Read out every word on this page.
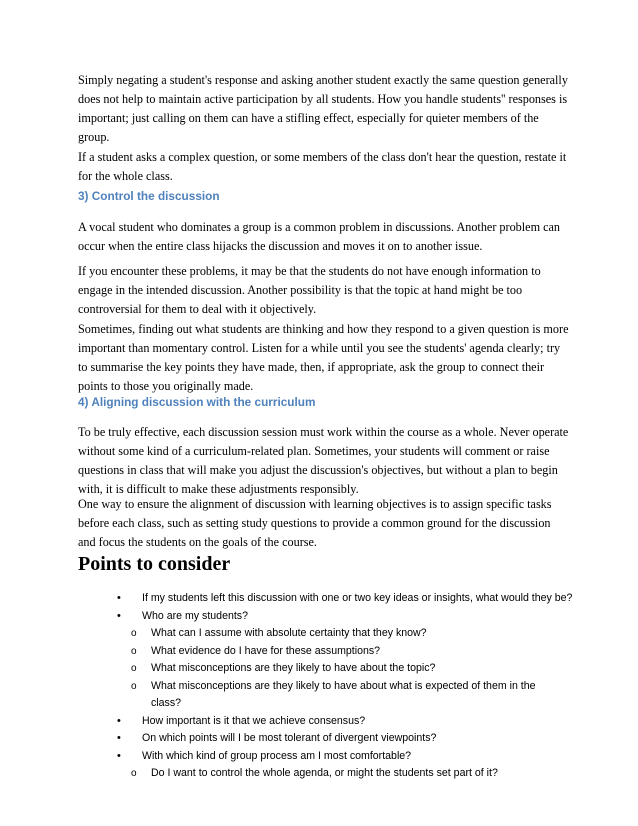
Simply negating a student's response and asking another student exactly the same question generally does not help to maintain active participation by all students. How you handle students'' responses is important; just calling on them can have a stifling effect, especially for quieter members of the group.

If a student asks a complex question, or some members of the class don't hear the question, restate it for the whole class.

3) Control the discussion

A vocal student who dominates a group is a common problem in discussions. Another problem can occur when the entire class hijacks the discussion and moves it on to another issue.

If you encounter these problems, it may be that the students do not have enough information to engage in the intended discussion. Another possibility is that the topic at hand might be too controversial for them to deal with it objectively.

Sometimes, finding out what students are thinking and how they respond to a given question is more important than momentary control. Listen for a while until you see the students' agenda clearly; try to summarise the key points they have made, then, if appropriate, ask the group to connect their points to those you originally made.

4) Aligning discussion with the curriculum

To be truly effective, each discussion session must work within the course as a whole. Never operate without some kind of a curriculum-related plan. Sometimes, your students will comment or raise questions in class that will make you adjust the discussion's objectives, but without a plan to begin with, it is difficult to make these adjustments responsibly.

One way to ensure the alignment of discussion with learning objectives is to assign specific tasks before each class, such as setting study questions to provide a common ground for the discussion and focus the students on the goals of the course.

Points to consider
• If my students left this discussion with one or two key ideas or insights, what would they be?
• Who are my students?
o What can I assume with absolute certainty that they know?
o What evidence do I have for these assumptions?
o What misconceptions are they likely to have about the topic?
o What misconceptions are they likely to have about what is expected of them in the class?
• How important is it that we achieve consensus?
• On which points will I be most tolerant of divergent viewpoints?
• With which kind of group process am I most comfortable?
o Do I want to control the whole agenda, or might the students set part of it?
